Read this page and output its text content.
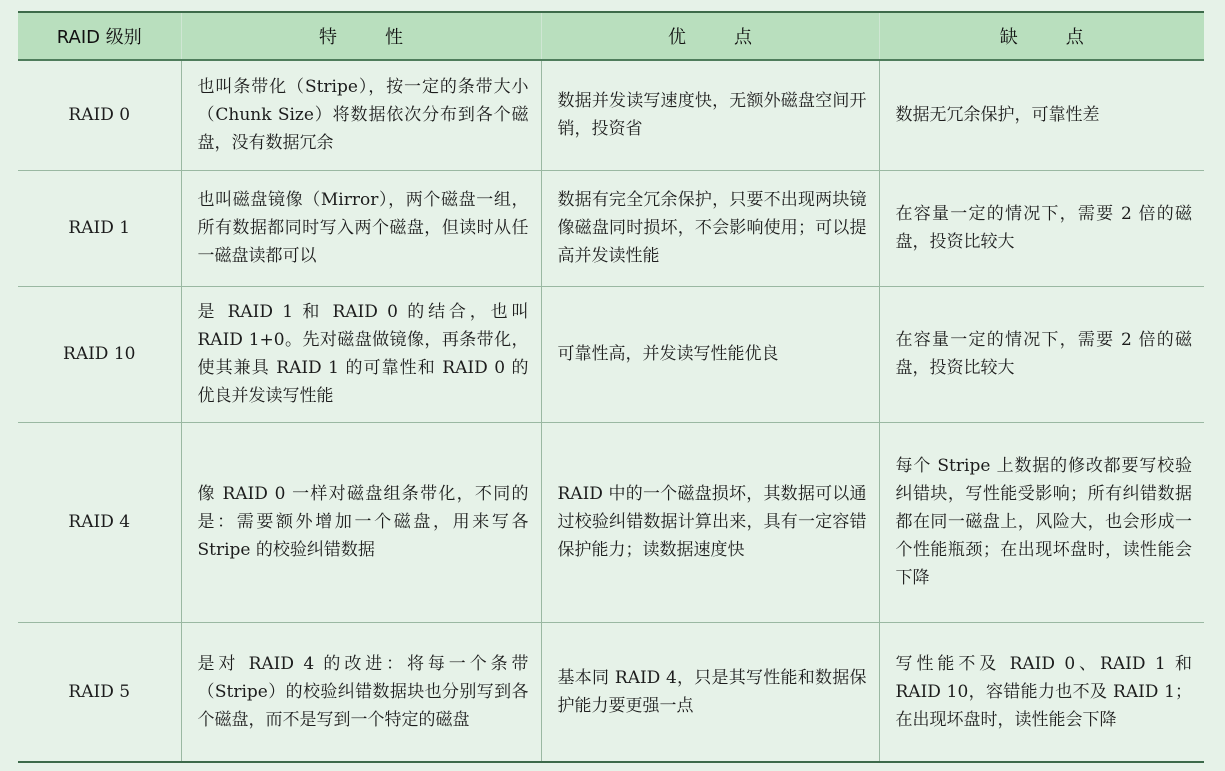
RAID 级别	特性	优点	缺点
RAID 0	也叫条带化（Stripe），按一定的条带大小（Chunk Size）将数据依次分布到各个磁盘，没有数据冗余	数据并发读写速度快，无额外磁盘空间开销，投资省	数据无冗余保护，可靠性差
RAID 1	也叫磁盘镜像（Mirror），两个磁盘一组，所有数据都同时写入两个磁盘，但读时从任一磁盘读都可以	数据有完全冗余保护，只要不出现两块镜像磁盘同时损坏，不会影响使用；可以提高并发读性能	在容量一定的情况下，需要 2 倍的磁盘，投资比较大
RAID 10	是 RAID 1 和 RAID 0 的结合，也叫 RAID 1+0。先对磁盘做镜像，再条带化，使其兼具 RAID 1 的可靠性和 RAID 0 的优良并发读写性能	可靠性高，并发读写性能优良	在容量一定的情况下，需要 2 倍的磁盘，投资比较大
RAID 4	像 RAID 0 一样对磁盘组条带化，不同的是：需要额外增加一个磁盘，用来写各 Stripe 的校验纠错数据	RAID 中的一个磁盘损坏，其数据可以通过校验纠错数据计算出来，具有一定容错保护能力；读数据速度快	每个 Stripe 上数据的修改都要写校验纠错块，写性能受影响；所有纠错数据都在同一磁盘上，风险大，也会形成一个性能瓶颈；在出现坏盘时，读性能会下降
RAID 5	是对 RAID 4 的改进：将每一个条带（Stripe）的校验纠错数据块也分别写到各个磁盘，而不是写到一个特定的磁盘	基本同 RAID 4，只是其写性能和数据保护能力要更强一点	写性能不及 RAID 0、RAID 1 和 RAID 10，容错能力也不及 RAID 1；在出现坏盘时，读性能会下降
